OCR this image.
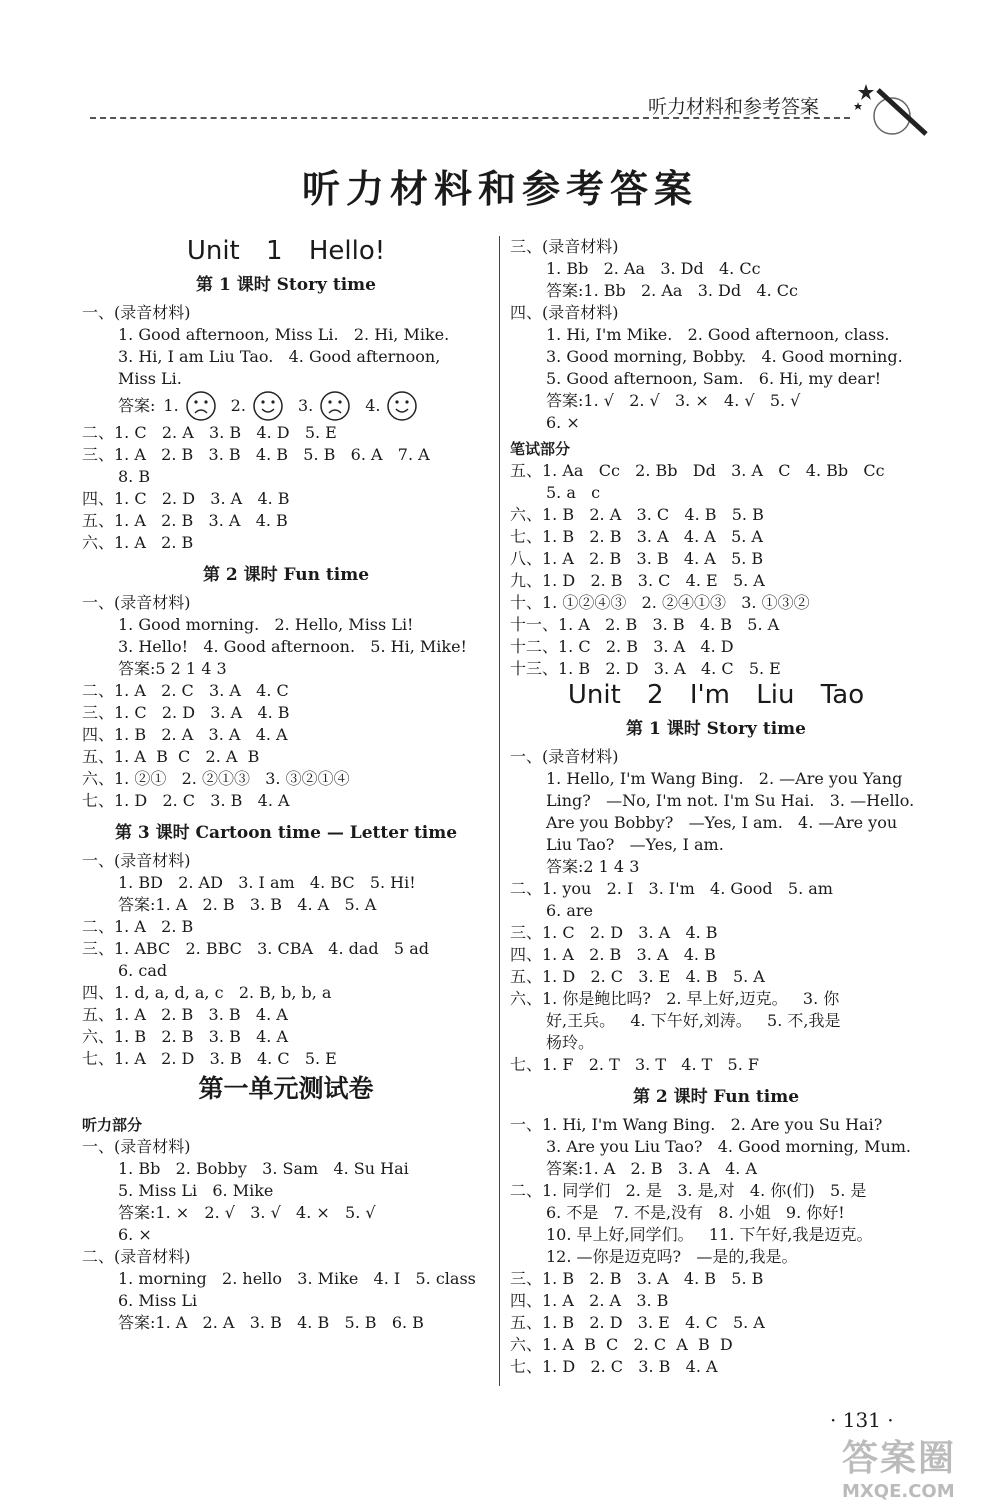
听力材料和参考答案
听力材料和参考答案
Unit 1 Hello!
第 1 课时 Story time
一、(录音材料)
1. Good afternoon, Miss Li.   2. Hi, Mike.
3. Hi, I am Liu Tao.   4. Good afternoon,
Miss Li.
答案: 1.	2.	3.	4.
二、1. C   2. A   3. B   4. D   5. E
三、1. A   2. B   3. B   4. B   5. B   6. A   7. A
8. B
四、1. C   2. D   3. A   4. B
五、1. A   2. B   3. A   4. B
六、1. A   2. B
第 2 课时 Fun time
一、(录音材料)
1. Good morning.   2. Hello, Miss Li!
3. Hello!   4. Good afternoon.   5. Hi, Mike!
答案:5 2 1 4 3
二、1. A   2. C   3. A   4. C
三、1. C   2. D   3. A   4. B
四、1. B   2. A   3. A   4. A
五、1. A  B  C   2. A  B
六、1. ②①   2. ②①③   3. ③②①④
七、1. D   2. C   3. B   4. A
第 3 课时 Cartoon time — Letter time
一、(录音材料)
1. BD   2. AD   3. I am   4. BC   5. Hi!
答案:1. A   2. B   3. B   4. A   5. A
二、1. A   2. B
三、1. ABC   2. BBC   3. CBA   4. dad   5 ad
6. cad
四、1. d, a, d, a, c   2. B, b, b, a
五、1. A   2. B   3. B   4. A
六、1. B   2. B   3. B   4. A
七、1. A   2. D   3. B   4. C   5. E
第一单元测试卷
听力部分
一、(录音材料)
1. Bb   2. Bobby   3. Sam   4. Su Hai
5. Miss Li   6. Mike
答案:1. ×   2. √   3. √   4. ×   5. √
6. ×
二、(录音材料)
1. morning   2. hello   3. Mike   4. I   5. class
6. Miss Li
答案:1. A   2. A   3. B   4. B   5. B   6. B
三、(录音材料)
1. Bb   2. Aa   3. Dd   4. Cc
答案:1. Bb   2. Aa   3. Dd   4. Cc
四、(录音材料)
1. Hi, I'm Mike.   2. Good afternoon, class.
3. Good morning, Bobby.   4. Good morning.
5. Good afternoon, Sam.   6. Hi, my dear!
答案:1. √   2. √   3. ×   4. √   5. √
6. ×
笔试部分
五、1. Aa   Cc   2. Bb   Dd   3. A   C   4. Bb   Cc
5. a   c
六、1. B   2. A   3. C   4. B   5. B
七、1. B   2. B   3. A   4. A   5. A
八、1. A   2. B   3. B   4. A   5. B
九、1. D   2. B   3. C   4. E   5. A
十、1. ①②④③   2. ②④①③   3. ①③②
十一、1. A   2. B   3. B   4. B   5. A
十二、1. C   2. B   3. A   4. D
十三、1. B   2. D   3. A   4. C   5. E
Unit 2 I'm Liu Tao
第 1 课时 Story time
一、(录音材料)
1. Hello, I'm Wang Bing.   2. —Are you Yang
Ling?   —No, I'm not. I'm Su Hai.   3. —Hello.
Are you Bobby?   —Yes, I am.   4. —Are you
Liu Tao?   —Yes, I am.
答案:2 1 4 3
二、1. you   2. I   3. I'm   4. Good   5. am
6. are
三、1. C   2. D   3. A   4. B
四、1. A   2. B   3. A   4. B
五、1. D   2. C   3. E   4. B   5. A
六、1. 你是鲍比吗?   2. 早上好,迈克。   3. 你
好,王兵。   4. 下午好,刘涛。   5. 不,我是
杨玲。
七、1. F   2. T   3. T   4. T   5. F
第 2 课时 Fun time
一、1. Hi, I'm Wang Bing.   2. Are you Su Hai?
3. Are you Liu Tao?   4. Good morning, Mum.
答案:1. A   2. B   3. A   4. A
二、1. 同学们   2. 是   3. 是,对   4. 你(们)   5. 是
6. 不是   7. 不是,没有   8. 小姐   9. 你好!
10. 早上好,同学们。   11. 下午好,我是迈克。
12. —你是迈克吗?   —是的,我是。
三、1. B   2. B   3. A   4. B   5. B
四、1. A   2. A   3. B
五、1. B   2. D   3. E   4. C   5. A
六、1. A  B  C   2. C  A  B  D
七、1. D   2. C   3. B   4. A
· 131 ·
答案圈
MXQE.COM
